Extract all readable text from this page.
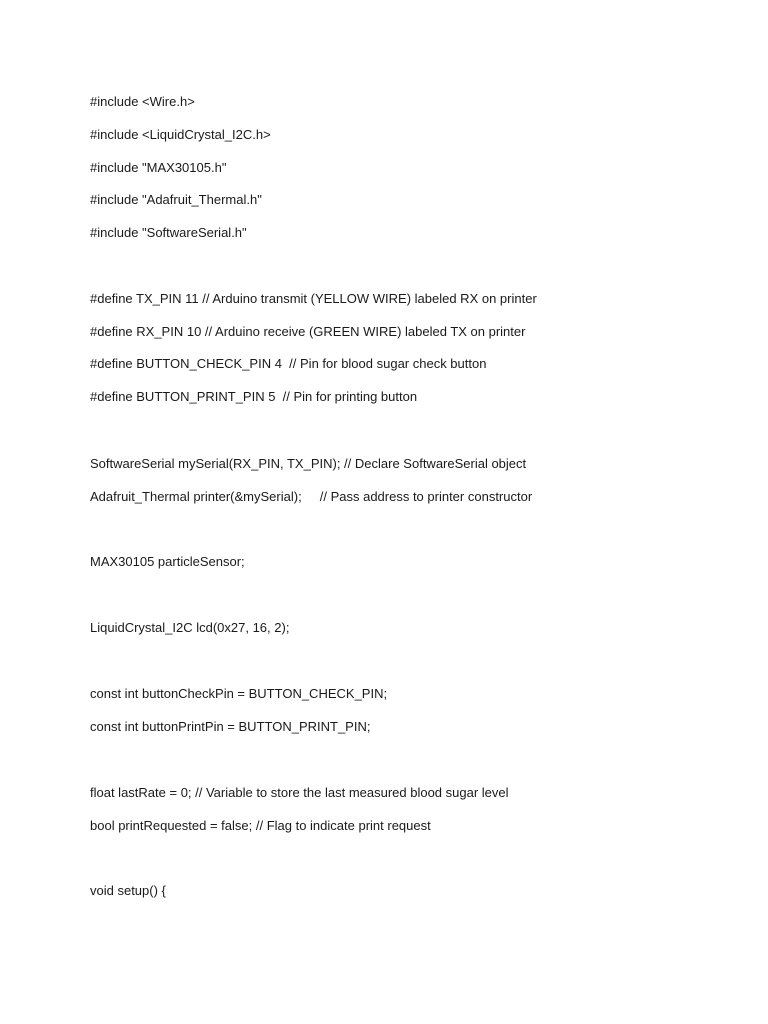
#include <Wire.h>

#include <LiquidCrystal_I2C.h>

#include "MAX30105.h"

#include "Adafruit_Thermal.h"

#include "SoftwareSerial.h"

#define TX_PIN 11 // Arduino transmit (YELLOW WIRE) labeled RX on printer

#define RX_PIN 10 // Arduino receive (GREEN WIRE) labeled TX on printer

#define BUTTON_CHECK_PIN 4  // Pin for blood sugar check button

#define BUTTON_PRINT_PIN 5  // Pin for printing button

SoftwareSerial mySerial(RX_PIN, TX_PIN); // Declare SoftwareSerial object

Adafruit_Thermal printer(&mySerial);     // Pass address to printer constructor

MAX30105 particleSensor;

LiquidCrystal_I2C lcd(0x27, 16, 2);

const int buttonCheckPin = BUTTON_CHECK_PIN;

const int buttonPrintPin = BUTTON_PRINT_PIN;

float lastRate = 0; // Variable to store the last measured blood sugar level

bool printRequested = false; // Flag to indicate print request

void setup() {
